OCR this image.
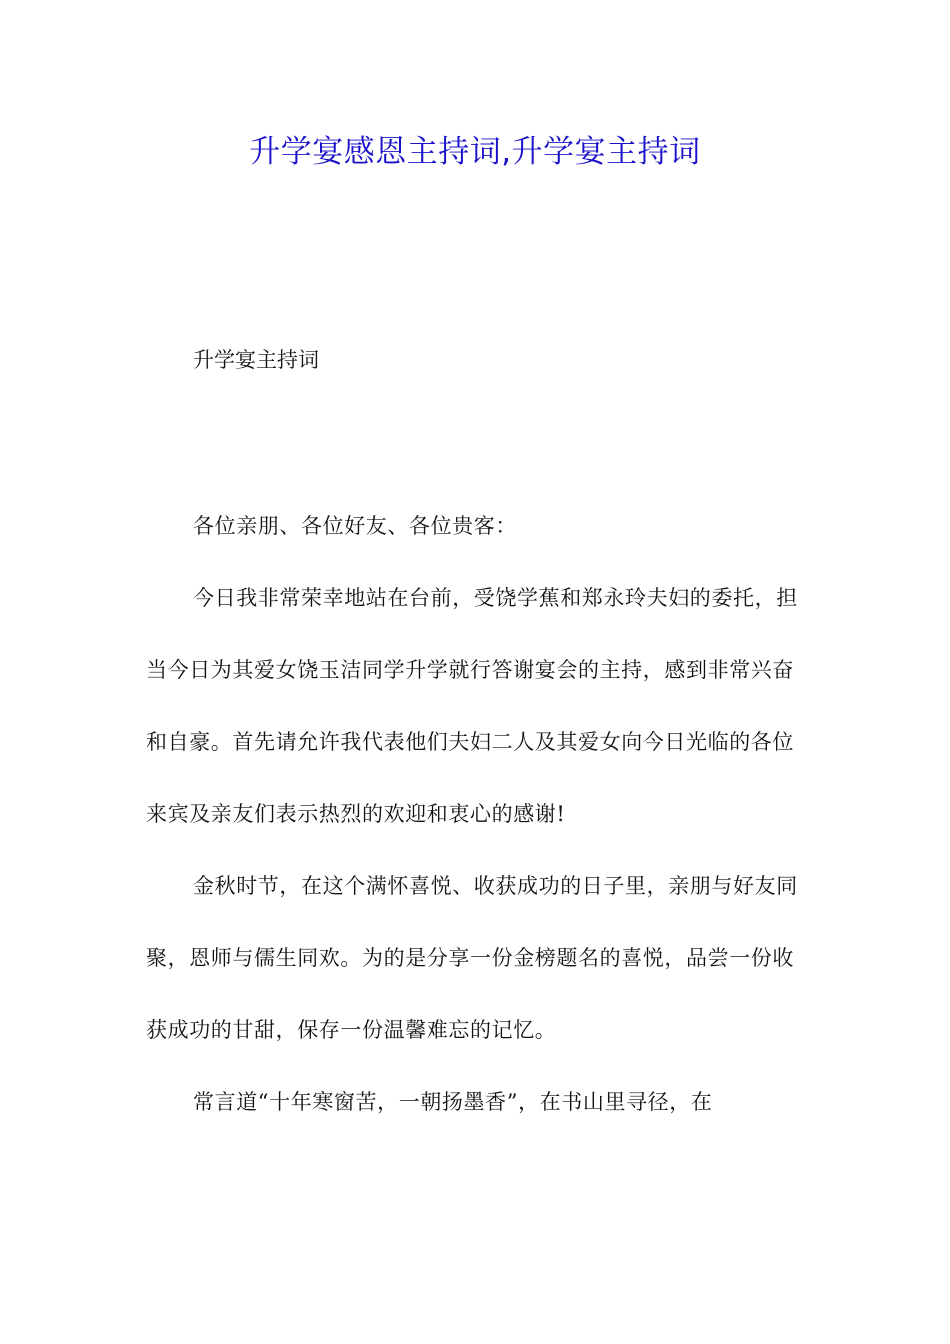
升学宴感恩主持词,升学宴主持词
升学宴主持词

各位亲朋、各位好友、各位贵客：

今日我非常荣幸地站在台前，受饶学蕉和郑永玲夫妇的委托，担当今日为其爱女饶玉洁同学升学就行答谢宴会的主持，感到非常兴奋和自豪。首先请允许我代表他们夫妇二人及其爱女向今日光临的各位来宾及亲友们表示热烈的欢迎和衷心的感谢!

金秋时节，在这个满怀喜悦、收获成功的日子里，亲朋与好友同聚，恩师与儒生同欢。为的是分享一份金榜题名的喜悦，品尝一份收获成功的甘甜，保存一份温馨难忘的记忆。

常言道“十年寒窗苦，一朝扬墨香”，在书山里寻径，在
